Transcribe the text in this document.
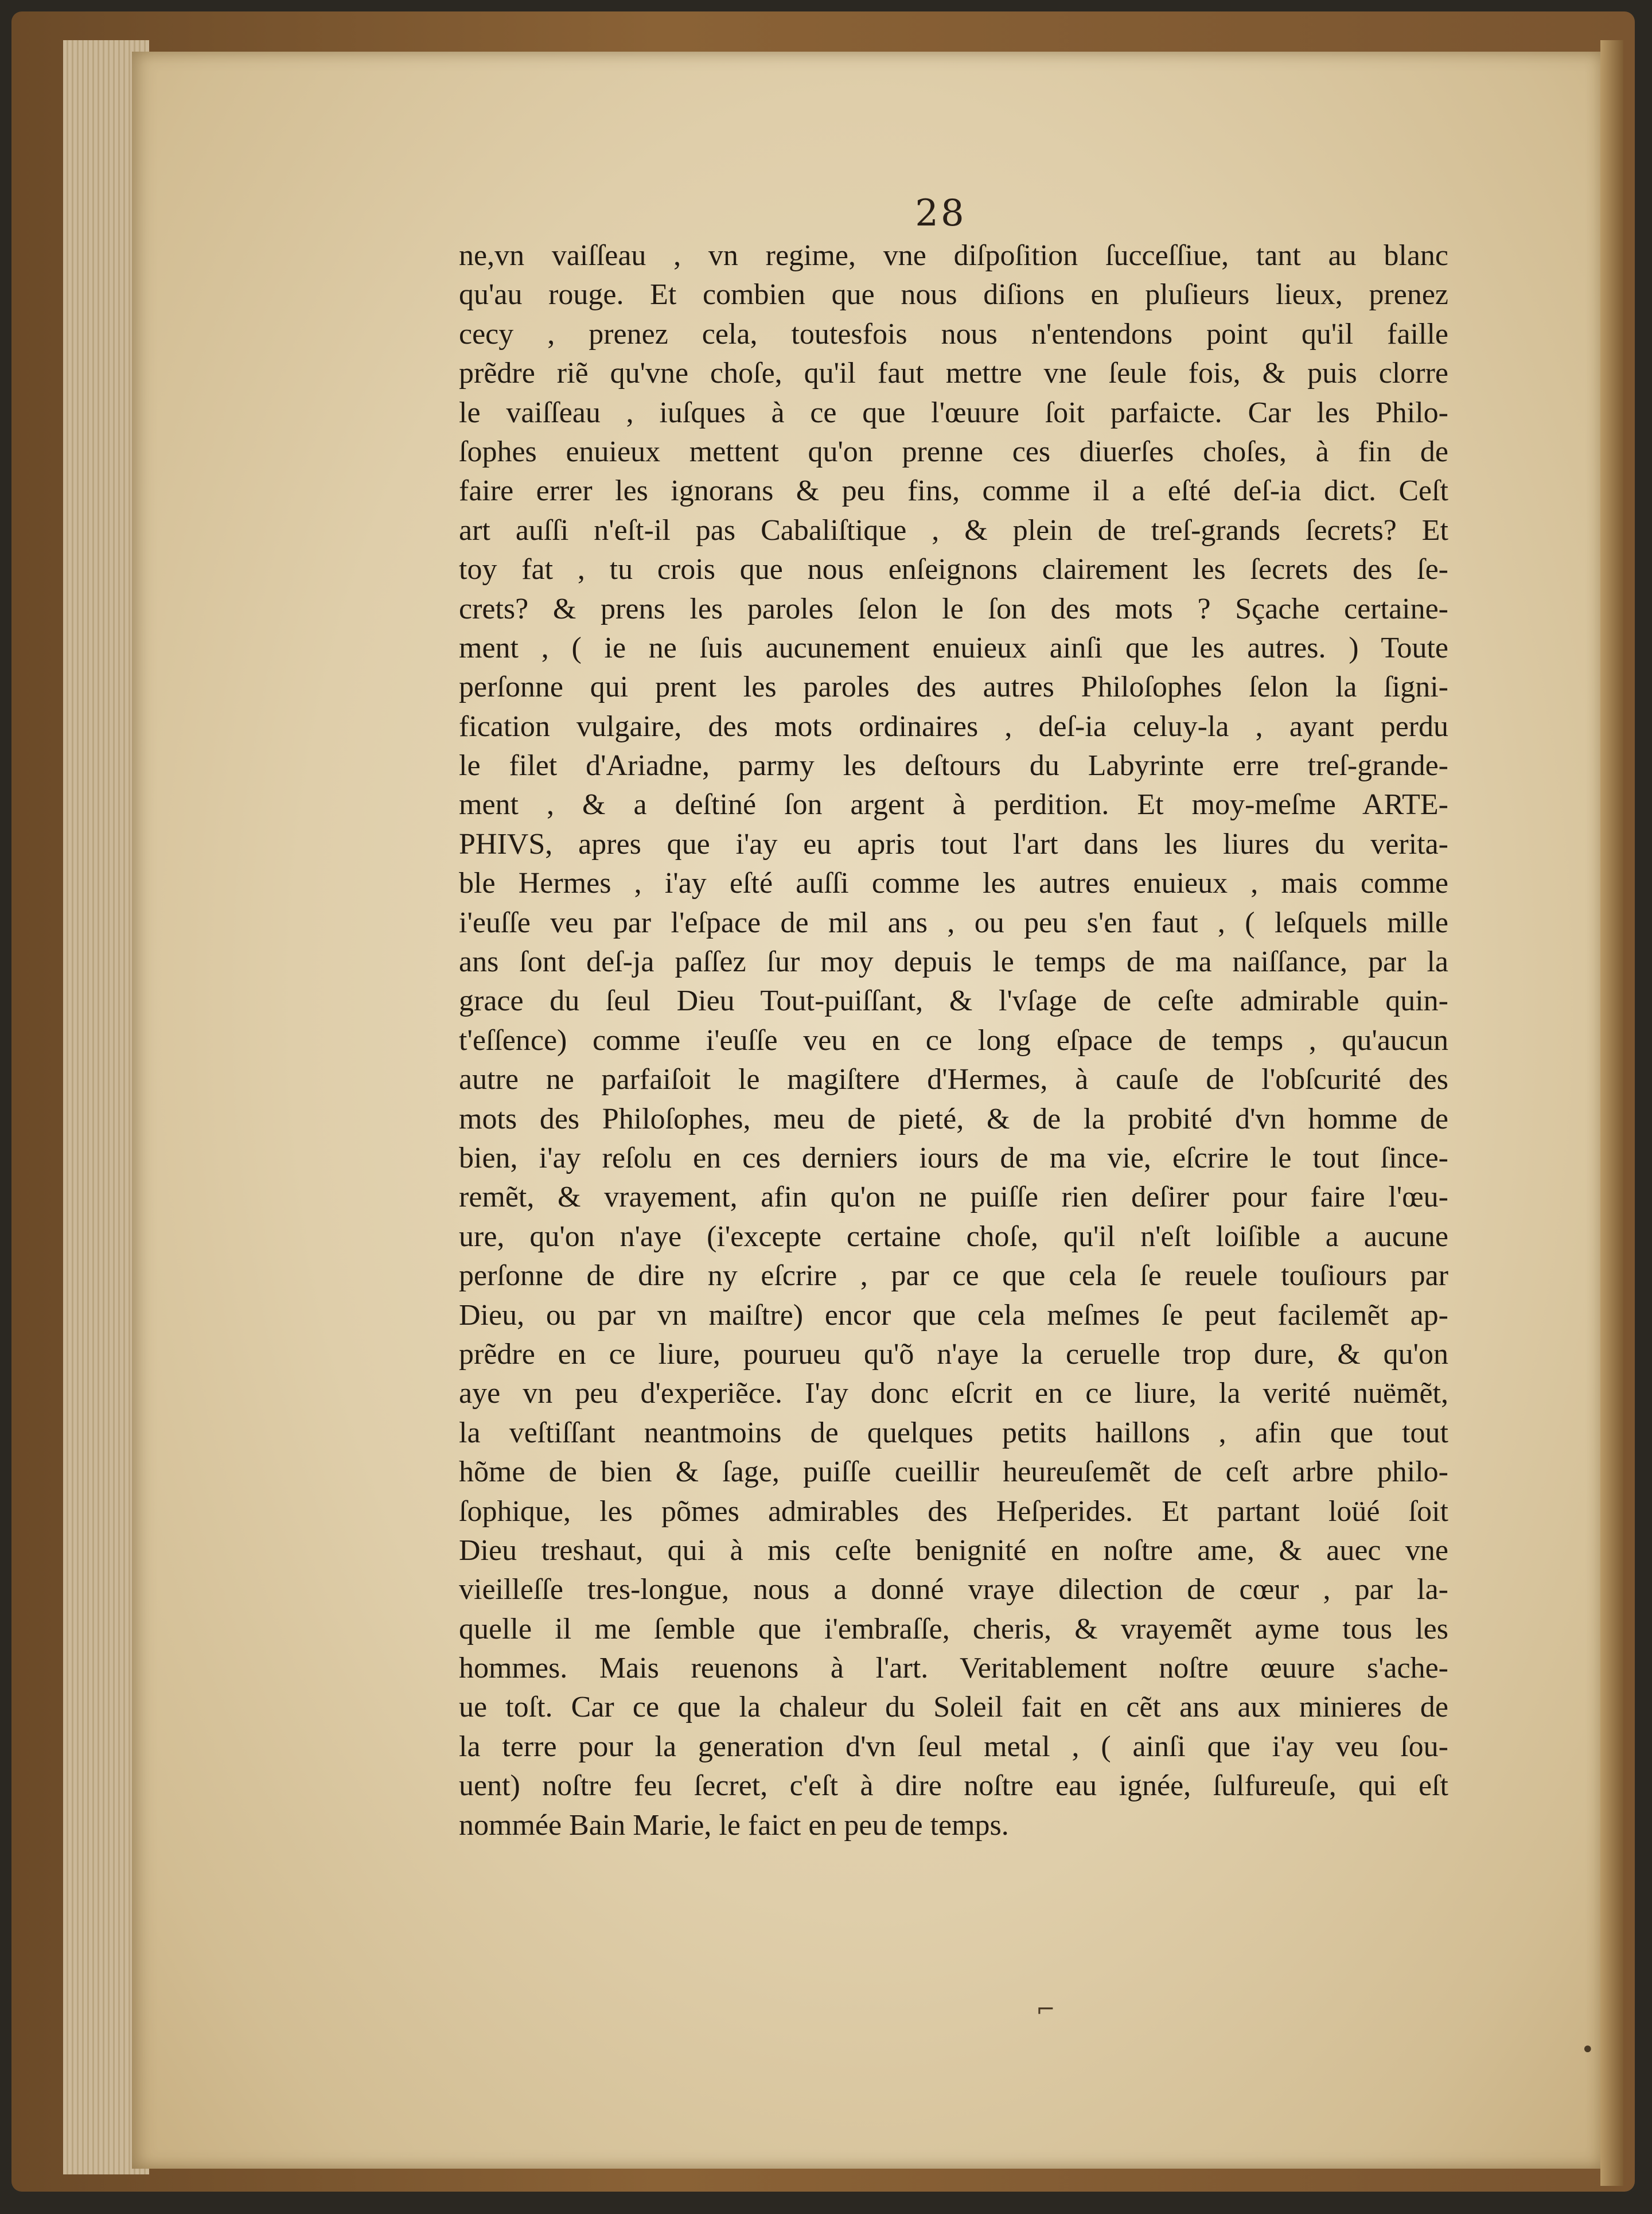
28
ne,vn vaiſſeau , vn regime, vne diſpoſition ſucceſſiue, tant au blanc
qu'au rouge. Et combien que nous diſions en pluſieurs lieux, prenez
cecy , prenez cela, toutesfois nous n'entendons point qu'il faille
prẽdre riẽ qu'vne choſe, qu'il faut mettre vne ſeule fois, & puis clorre
le vaiſſeau , iuſques à ce que l'œuure ſoit parfaicte. Car les Philo-
ſophes enuieux mettent qu'on prenne ces diuerſes choſes, à fin de
faire errer les ignorans & peu fins, comme il a eſté deſ-ia dict. Ceſt
art auſſi n'eſt-il pas Cabaliſtique , & plein de treſ-grands ſecrets? Et
toy fat , tu crois que nous enſeignons clairement les ſecrets des ſe-
crets? & prens les paroles ſelon le ſon des mots ? Sçache certaine-
ment , ( ie ne ſuis aucunement enuieux ainſi que les autres. ) Toute
perſonne qui prent les paroles des autres Philoſophes ſelon la ſigni-
fication vulgaire, des mots ordinaires , deſ-ia celuy-la , ayant perdu
le filet d'Ariadne, parmy les deſtours du Labyrinte erre treſ-grande-
ment , & a deſtiné ſon argent à perdition. Et moy-meſme ARTE-
PHIVS, apres que i'ay eu apris tout l'art dans les liures du verita-
ble Hermes , i'ay eſté auſſi comme les autres enuieux , mais comme
i'euſſe veu par l'eſpace de mil ans , ou peu s'en faut , ( leſquels mille
ans ſont deſ-ja paſſez ſur moy depuis le temps de ma naiſſance, par la
grace du ſeul Dieu Tout-puiſſant, & l'vſage de ceſte admirable quin-
t'eſſence) comme i'euſſe veu en ce long eſpace de temps , qu'aucun
autre ne parfaiſoit le magiſtere d'Hermes, à cauſe de l'obſcurité des
mots des Philoſophes, meu de pieté, & de la probité d'vn homme de
bien, i'ay reſolu en ces derniers iours de ma vie, eſcrire le tout ſince-
remẽt, & vrayement, afin qu'on ne puiſſe rien deſirer pour faire l'œu-
ure, qu'on n'aye (i'excepte certaine choſe, qu'il n'eſt loiſible a aucune
perſonne de dire ny eſcrire , par ce que cela ſe reuele touſiours par
Dieu, ou par vn maiſtre) encor que cela meſmes ſe peut facilemẽt ap-
prẽdre en ce liure, pourueu qu'õ n'aye la ceruelle trop dure, & qu'on
aye vn peu d'experiẽce. I'ay donc eſcrit en ce liure, la verité nuëmẽt,
la veſtiſſant neantmoins de quelques petits haillons , afin que tout
hõme de bien & ſage, puiſſe cueillir heureuſemẽt de ceſt arbre philo-
ſophique, les põmes admirables des Heſperides. Et partant loüé ſoit
Dieu treshaut, qui à mis ceſte benignité en noſtre ame, & auec vne
vieilleſſe tres-longue, nous a donné vraye dilection de cœur , par la-
quelle il me ſemble que i'embraſſe, cheris, & vrayemẽt ayme tous les
hommes. Mais reuenons à l'art. Veritablement noſtre œuure s'ache-
ue toſt. Car ce que la chaleur du Soleil fait en cẽt ans aux minieres de
la terre pour la generation d'vn ſeul metal , ( ainſi que i'ay veu ſou-
uent) noſtre feu ſecret, c'eſt à dire noſtre eau ignée, ſulfureuſe, qui eſt
nommée Bain Marie, le faict en peu de temps.
⌐
•
